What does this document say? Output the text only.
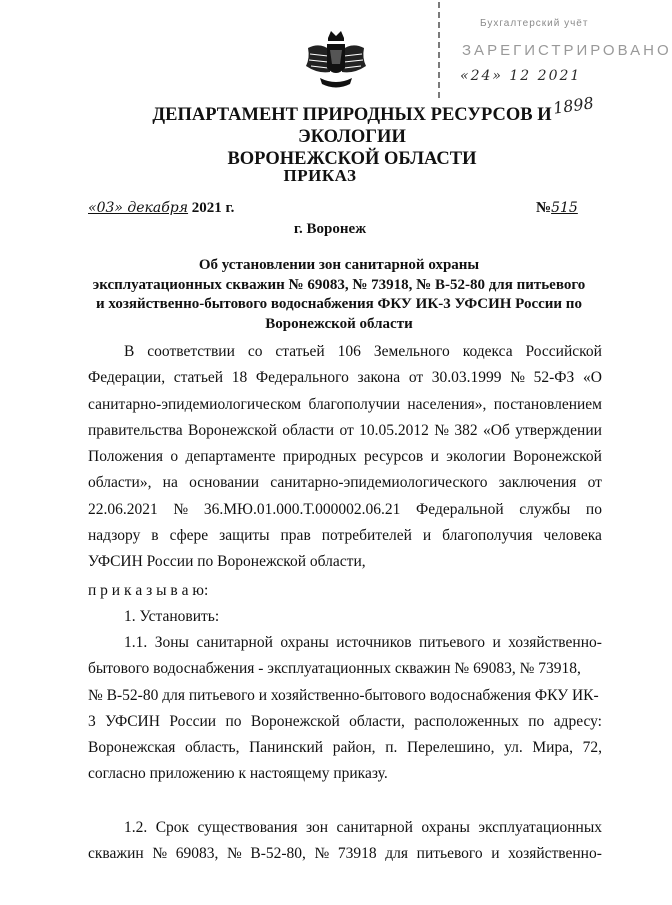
Бухгалтерский учёт
ЗАРЕГИСТРИРОВАНО
«24» 12 2021
1898
ДЕПАРТАМЕНТ ПРИРОДНЫХ РЕСУРСОВ И ЭКОЛОГИИ
ВОРОНЕЖСКОЙ ОБЛАСТИ
ПРИКАЗ
«03» декабря 2021 г.	№515
г. Воронеж
Об установлении зон санитарной охраны
эксплуатационных скважин № 69083, № 73918, № В-52-80 для питьевого
и хозяйственно-бытового водоснабжения ФКУ ИК-3 УФСИН России по
Воронежской области
В соответствии со статьей 106 Земельного кодекса Российской
Федерации, статьей 18 Федерального закона от 30.03.1999 № 52-ФЗ «О
санитарно-эпидемиологическом благополучии населения», постановлением
правительства Воронежской области от 10.05.2012 № 382 «Об утверждении
Положения о департаменте природных ресурсов и экологии Воронежской
области», на основании санитарно-эпидемиологического заключения от
22.06.2021 № 36.МЮ.01.000.Т.000002.06.21 Федеральной службы по
надзору в сфере защиты прав потребителей и благополучия человека
УФСИН России по Воронежской области,
п р и к а з ы в а ю:
1. Установить:
1.1. Зоны санитарной охраны источников питьевого и хозяйственно-
бытового водоснабжения - эксплуатационных скважин № 69083, № 73918,
№ В-52-80 для питьевого и хозяйственно-бытового водоснабжения ФКУ ИК-
3 УФСИН России по Воронежской области, расположенных по адресу:
Воронежская область, Панинский район, п. Перелешино, ул. Мира, 72,
согласно приложению к настоящему приказу.
1.2. Срок существования зон санитарной охраны эксплуатационных
скважин № 69083, № В-52-80, № 73918 для питьевого и хозяйственно-
